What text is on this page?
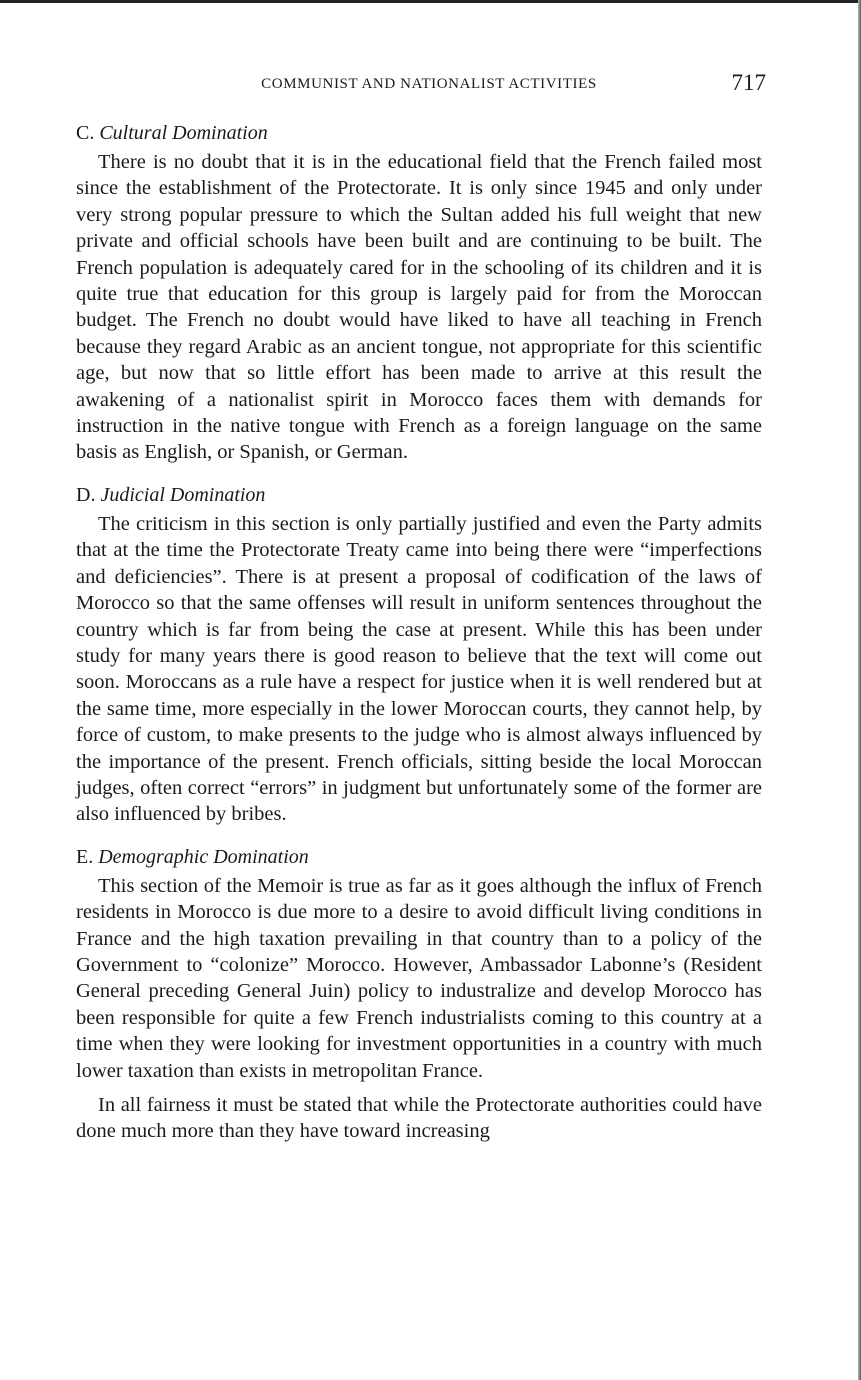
COMMUNIST AND NATIONALIST ACTIVITIES	717
C. Cultural Domination

There is no doubt that it is in the educational field that the French failed most since the establishment of the Protectorate. It is only since 1945 and only under very strong popular pressure to which the Sultan added his full weight that new private and official schools have been built and are continuing to be built. The French population is adequately cared for in the schooling of its children and it is quite true that education for this group is largely paid for from the Moroccan budget. The French no doubt would have liked to have all teaching in French because they regard Arabic as an ancient tongue, not appropriate for this scientific age, but now that so little effort has been made to arrive at this result the awakening of a nationalist spirit in Morocco faces them with demands for instruction in the native tongue with French as a foreign language on the same basis as English, or Spanish, or German.

D. Judicial Domination

The criticism in this section is only partially justified and even the Party admits that at the time the Protectorate Treaty came into being there were “imperfections and deficiencies”. There is at present a proposal of codification of the laws of Morocco so that the same offenses will result in uniform sentences throughout the country which is far from being the case at present. While this has been under study for many years there is good reason to believe that the text will come out soon. Moroccans as a rule have a respect for justice when it is well rendered but at the same time, more especially in the lower Moroccan courts, they cannot help, by force of custom, to make presents to the judge who is almost always influenced by the importance of the present. French officials, sitting beside the local Moroccan judges, often correct “errors” in judgment but unfortunately some of the former are also influenced by bribes.

E. Demographic Domination

This section of the Memoir is true as far as it goes although the influx of French residents in Morocco is due more to a desire to avoid difficult living conditions in France and the high taxation prevailing in that country than to a policy of the Government to “colonize” Morocco. However, Ambassador Labonne’s (Resident General preceding General Juin) policy to industralize and develop Morocco has been responsible for quite a few French industrialists coming to this country at a time when they were looking for investment opportunities in a country with much lower taxation than exists in metropolitan France.

In all fairness it must be stated that while the Protectorate authorities could have done much more than they have toward increasing
